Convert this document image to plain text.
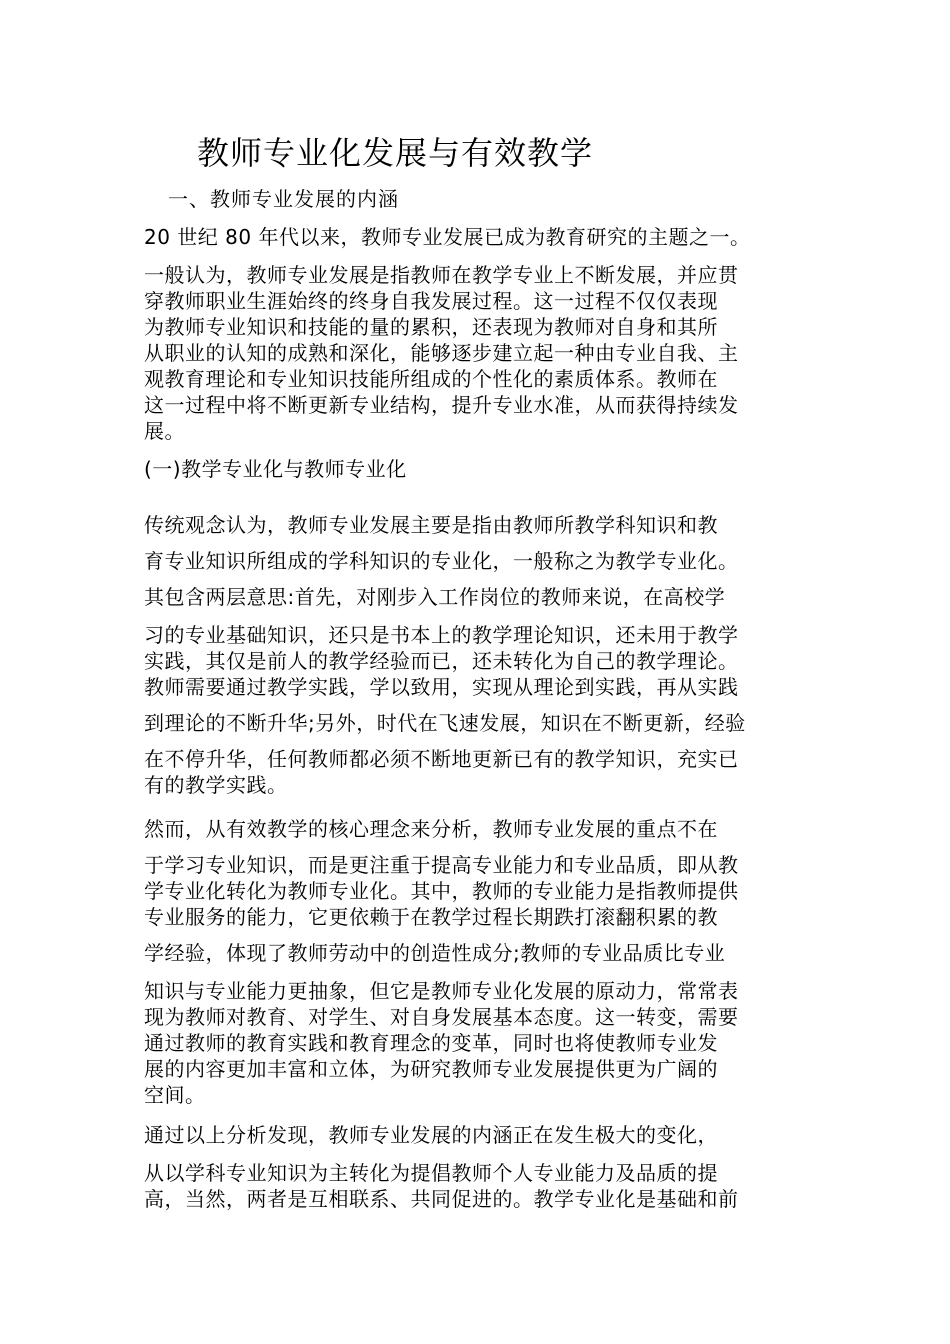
教师专业化发展与有效教学
一、教师专业发展的内涵
20 世纪 80 年代以来，教师专业发展已成为教育研究的主题之一。
一般认为，教师专业发展是指教师在教学专业上不断发展，并应贯
穿教师职业生涯始终的终身自我发展过程。这一过程不仅仅表现
为教师专业知识和技能的量的累积，还表现为教师对自身和其所
从职业的认知的成熟和深化，能够逐步建立起一种由专业自我、主
观教育理论和专业知识技能所组成的个性化的素质体系。教师在
这一过程中将不断更新专业结构，提升专业水准，从而获得持续发
展。
(一)教学专业化与教师专业化
传统观念认为，教师专业发展主要是指由教师所教学科知识和教
育专业知识所组成的学科知识的专业化，一般称之为教学专业化。
其包含两层意思:首先，对刚步入工作岗位的教师来说，在高校学
习的专业基础知识，还只是书本上的教学理论知识，还未用于教学
实践，其仅是前人的教学经验而已，还未转化为自己的教学理论。
教师需要通过教学实践，学以致用，实现从理论到实践，再从实践
到理论的不断升华;另外，时代在飞速发展，知识在不断更新，经验
在不停升华，任何教师都必须不断地更新已有的教学知识，充实已
有的教学实践。
然而，从有效教学的核心理念来分析，教师专业发展的重点不在
于学习专业知识，而是更注重于提高专业能力和专业品质，即从教
学专业化转化为教师专业化。其中，教师的专业能力是指教师提供
专业服务的能力，它更依赖于在教学过程长期跌打滚翻积累的教
学经验，体现了教师劳动中的创造性成分;教师的专业品质比专业
知识与专业能力更抽象，但它是教师专业化发展的原动力，常常表
现为教师对教育、对学生、对自身发展基本态度。这一转变，需要
通过教师的教育实践和教育理念的变革，同时也将使教师专业发
展的内容更加丰富和立体，为研究教师专业发展提供更为广阔的
空间。
通过以上分析发现，教师专业发展的内涵正在发生极大的变化，
从以学科专业知识为主转化为提倡教师个人专业能力及品质的提
高，当然，两者是互相联系、共同促进的。教学专业化是基础和前
